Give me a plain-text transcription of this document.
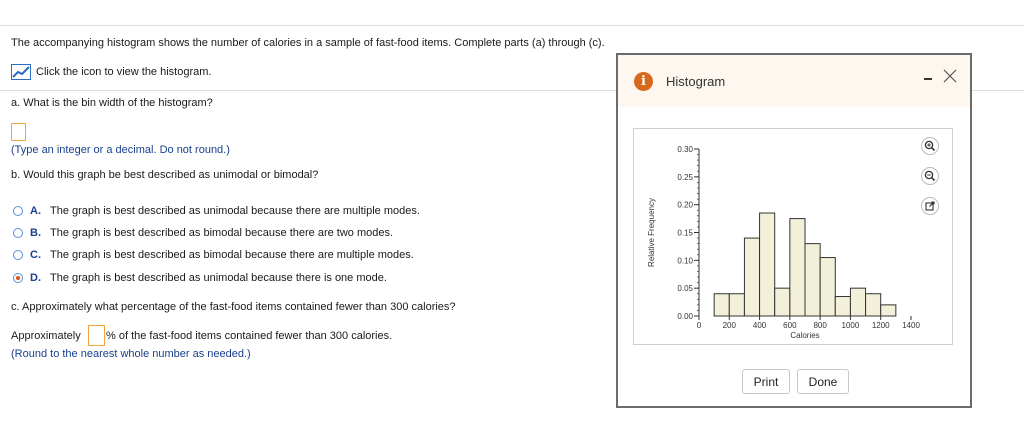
The accompanying histogram shows the number of calories in a sample of fast-food items. Complete parts (a) through (c).
Click the icon to view the histogram.
a. What is the bin width of the histogram?
(Type an integer or a decimal. Do not round.)
b. Would this graph be best described as unimodal or bimodal?
A. The graph is best described as unimodal because there are multiple modes.
B. The graph is best described as bimodal because there are two modes.
C. The graph is best described as bimodal because there are multiple modes.
D. The graph is best described as unimodal because there is one mode.
c. Approximately what percentage of the fast-food items contained fewer than 300 calories?
Approximately % of the fast-food items contained fewer than 300 calories.
(Round to the nearest whole number as needed.)
i	Histogram
0.00
0.05
0.10
0.15
0.20
0.25
0.30
0	200 400 600 800 1000 1200 1400
Calories
Relative Frequency
Print	Done
